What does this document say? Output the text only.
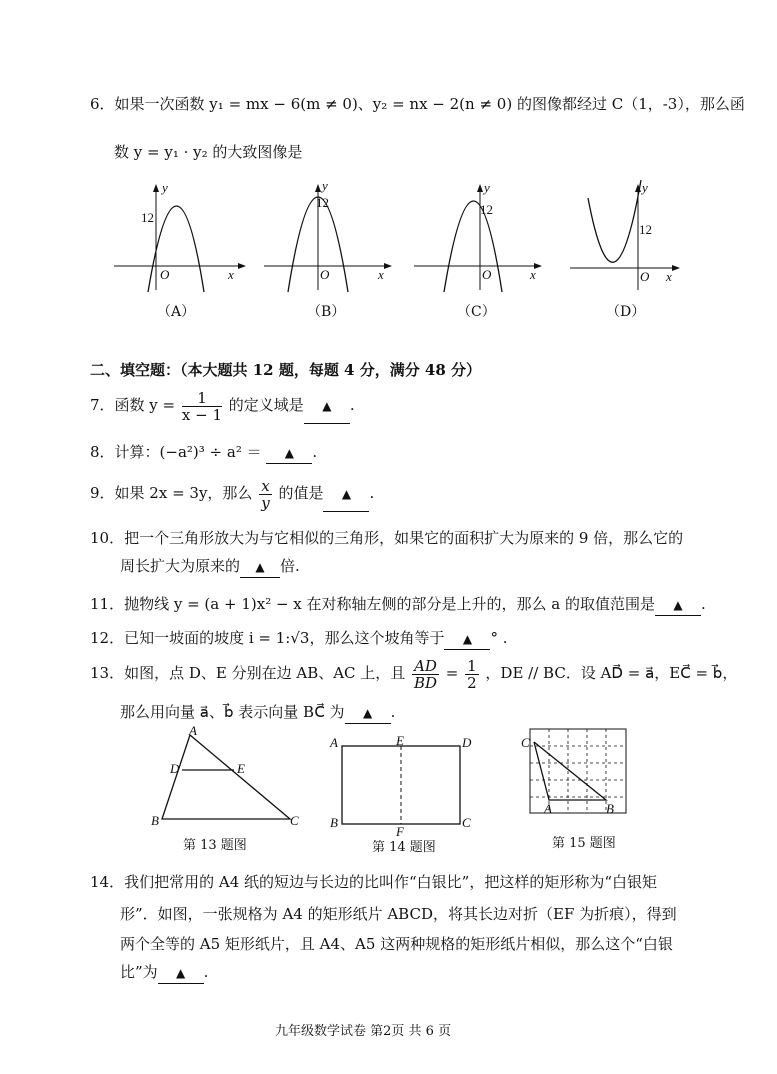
6．如果一次函数 y₁ = mx − 6(m ≠ 0)、y₂ = nx − 2(n ≠ 0) 的图像都经过 C（1，-3），那么函
数 y = y₁ · y₂ 的大致图像是
12
y
O	x
（A）
12
y
O	x
（B）
12
y
O	x
（C）
12
y
O x
（D）
二、填空题：（本大题共 12 题，每题 4 分，满分 48 分）
7．函数 $y = \frac{1}{x - 1}$ 的定义域是 ▲ .
8．计算：(−a²)³ ÷ a² ＝ ▲ .
9．如果 2x = 3y，那么 $\frac{x}{y}$ 的值是 ▲ .
10．把一个三角形放大为与它相似的三角形，如果它的面积扩大为原来的 9 倍，那么它的
周长扩大为原来的 ▲ 倍.
11．抛物线 y = (a + 1)x² − x 在对称轴左侧的部分是上升的，那么 a 的取值范围是 ▲ .
12．已知一坡面的坡度 i = 1:√3，那么这个坡角等于 ▲ ° .
13．如图，点 D、E 分别在边 AB、AC 上，且 $\frac{AD}{BD} = \frac{1}{2}$ ，DE // BC．设 AD⃗ = a⃗，EC⃗ = b⃗，
那么用向量 a⃗、b⃗ 表示向量 BC⃗ 为 ▲ .
A
D	E
B	C
第 13 题图
A	E	D
B
F
C
第 14 题图
C
A	B
第 15 题图
14．我们把常用的 A4 纸的短边与长边的比叫作“白银比”，把这样的矩形称为“白银矩
形”．如图，一张规格为 A4 的矩形纸片 ABCD，将其长边对折（EF 为折痕），得到
两个全等的 A5 矩形纸片，且 A4、A5 这两种规格的矩形纸片相似，那么这个“白银
比”为 ▲ .
九年级数学试卷 第2页 共 6 页
